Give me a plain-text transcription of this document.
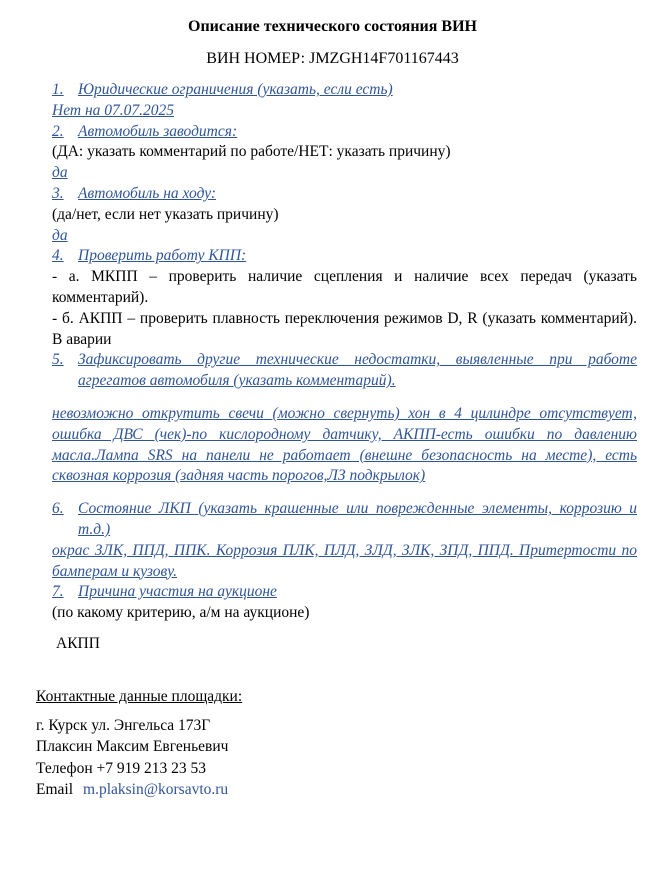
Описание технического состояния ВИН
ВИН НОМЕР: JMZGH14F701167443
1. Юридические ограничения (указать, если есть)
Нет на 07.07.2025
2. Автомобиль заводится:
(ДА: указать комментарий по работе/НЕТ: указать причину)
да
3. Автомобиль на ходу:
(да/нет, если нет указать причину)
да
4. Проверить работу КПП:
- а. МКПП – проверить наличие сцепления и наличие всех передач (указать комментарий).
- б. АКПП – проверить плавность переключения режимов D, R (указать комментарий). В аварии
5. Зафиксировать другие технические недостатки, выявленные при работе агрегатов автомобиля (указать комментарий).
невозможно открутить свечи (можно свернуть) хон в 4 цилиндре отсутствует, ошибка ДВС (чек)-по кислородному датчику, АКПП-есть ошибки по давлению масла.Лампа SRS на панели не работает (внешне безопасность на месте), есть сквозная коррозия (задняя часть порогов,ЛЗ подкрылок)
6. Состояние ЛКП (указать крашенные или поврежденные элементы, коррозию и т.д.)
окрас ЗЛК, ППД, ППК. Коррозия ПЛК, ПЛД, ЗЛД, ЗЛК, ЗПД, ППД. Притертости по бамперам и кузову.
7. Причина участия на аукционе
(по какому критерию, а/м на аукционе)
АКПП
Контактные данные площадки:
г. Курск ул. Энгельса 173Г
Плаксин Максим Евгеньевич
Телефон +7 919 213 23 53
Email m.plaksin@korsavto.ru
